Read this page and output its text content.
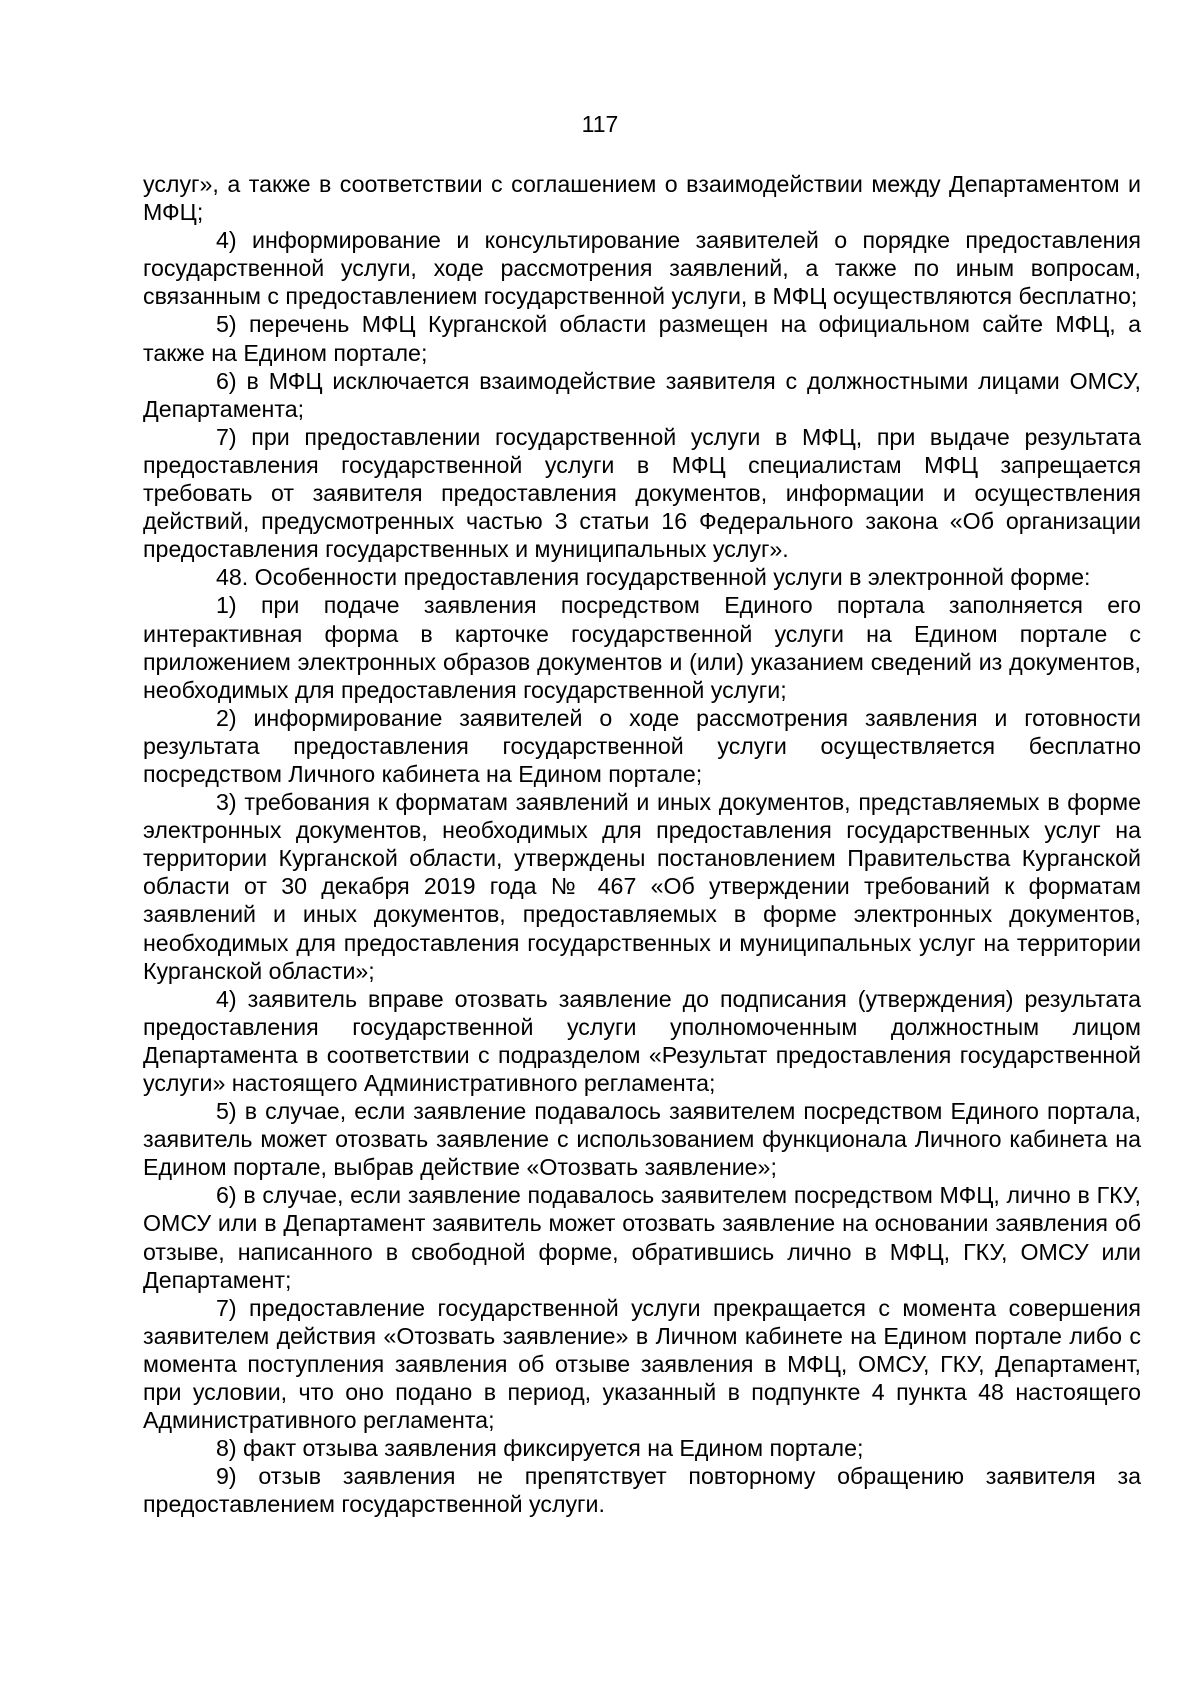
117

услуг», а также в соответствии с соглашением о взаимодействии между Департаментом и МФЦ;

4) информирование и консультирование заявителей о порядке предоставления государственной услуги, ходе рассмотрения заявлений, а также по иным вопросам, связанным с предоставлением государственной услуги, в МФЦ осуществляются бесплатно;

5) перечень МФЦ Курганской области размещен на официальном сайте МФЦ, а также на Едином портале;

6) в МФЦ исключается взаимодействие заявителя с должностными лицами ОМСУ, Департамента;

7) при предоставлении государственной услуги в МФЦ, при выдаче результата предоставления государственной услуги в МФЦ специалистам МФЦ запрещается требовать от заявителя предоставления документов, информации и осуществления действий, предусмотренных частью 3 статьи 16 Федерального закона «Об организации предоставления государственных и муниципальных услуг».

48. Особенности предоставления государственной услуги в электронной форме:

1) при подаче заявления посредством Единого портала заполняется его интерактивная форма в карточке государственной услуги на Едином портале с приложением электронных образов документов и (или) указанием сведений из документов, необходимых для предоставления государственной услуги;

2) информирование заявителей о ходе рассмотрения заявления и готовности результата предоставления государственной услуги осуществляется бесплатно посредством Личного кабинета на Едином портале;

3) требования к форматам заявлений и иных документов, представляемых в форме электронных документов, необходимых для предоставления государственных услуг на территории Курганской области, утверждены постановлением Правительства Курганской области от 30 декабря 2019 года № 467 «Об утверждении требований к форматам заявлений и иных документов, предоставляемых в форме электронных документов, необходимых для предоставления государственных и муниципальных услуг на территории Курганской области»;

4) заявитель вправе отозвать заявление до подписания (утверждения) результата предоставления государственной услуги уполномоченным должностным лицом Департамента в соответствии с подразделом «Результат предоставления государственной услуги» настоящего Административного регламента;

5) в случае, если заявление подавалось заявителем посредством Единого портала, заявитель может отозвать заявление с использованием функционала Личного кабинета на Едином портале, выбрав действие «Отозвать заявление»;

6) в случае, если заявление подавалось заявителем посредством МФЦ, лично в ГКУ, ОМСУ или в Департамент заявитель может отозвать заявление на основании заявления об отзыве, написанного в свободной форме, обратившись лично в МФЦ, ГКУ, ОМСУ или Департамент;

7) предоставление государственной услуги прекращается с момента совершения заявителем действия «Отозвать заявление» в Личном кабинете на Едином портале либо с момента поступления заявления об отзыве заявления в МФЦ, ОМСУ, ГКУ, Департамент, при условии, что оно подано в период, указанный в подпункте 4 пункта 48 настоящего Административного регламента;

8) факт отзыва заявления фиксируется на Едином портале;

9) отзыв заявления не препятствует повторному обращению заявителя за предоставлением государственной услуги.
